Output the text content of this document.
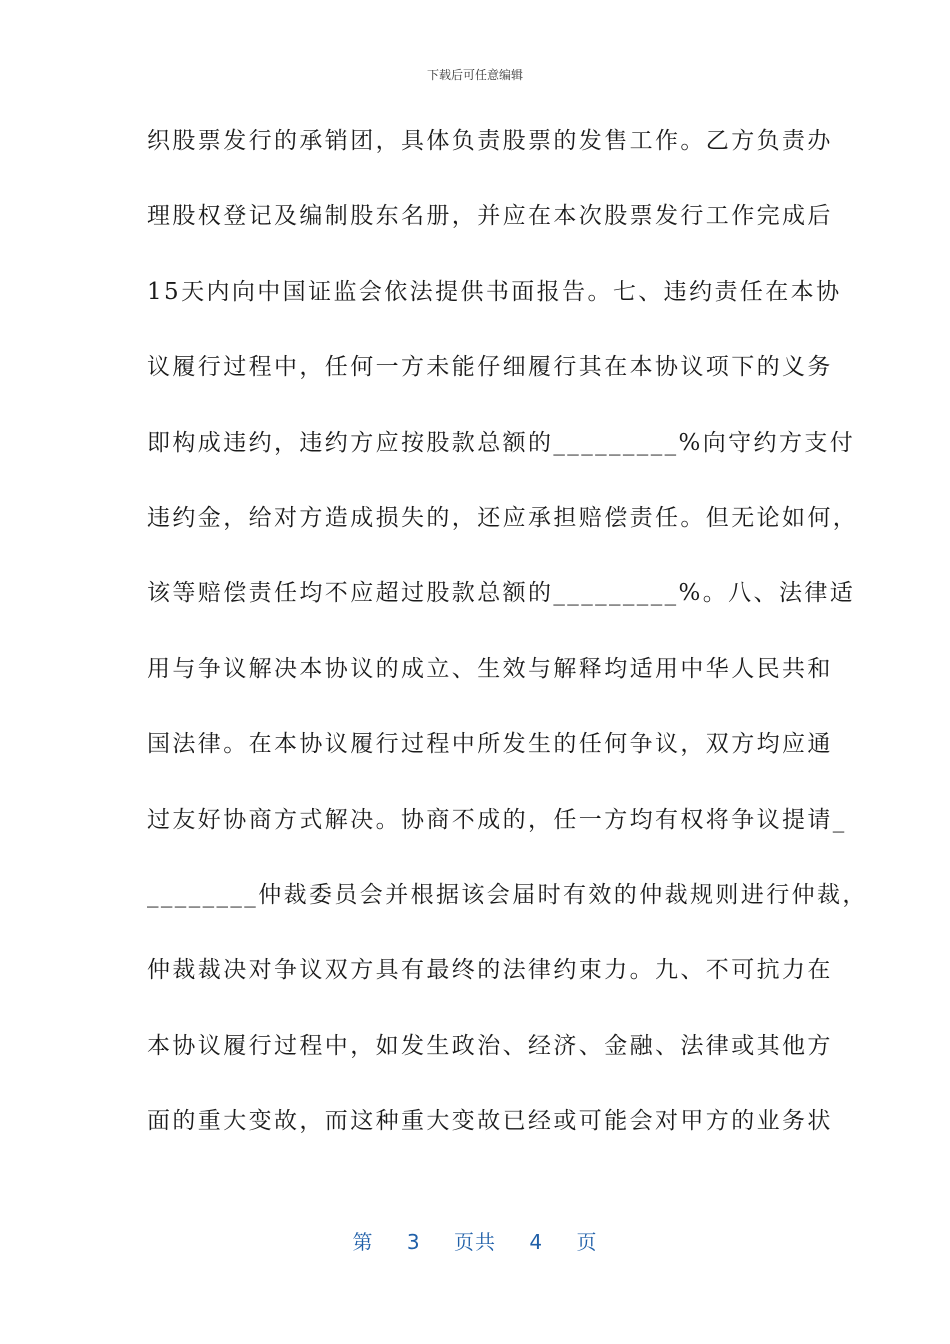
下载后可任意编辑
织股票发行的承销团，具体负责股票的发售工作。乙方负责办
理股权登记及编制股东名册，并应在本次股票发行工作完成后
15天内向中国证监会依法提供书面报告。七、违约责任在本协
议履行过程中，任何一方未能仔细履行其在本协议项下的义务
即构成违约，违约方应按股款总额的_________%向守约方支付
违约金，给对方造成损失的，还应承担赔偿责任。但无论如何，
该等赔偿责任均不应超过股款总额的_________%。八、法律适
用与争议解决本协议的成立、生效与解释均适用中华人民共和
国法律。在本协议履行过程中所发生的任何争议，双方均应通
过友好协商方式解决。协商不成的，任一方均有权将争议提请_
________仲裁委员会并根据该会届时有效的仲裁规则进行仲裁，
仲裁裁决对争议双方具有最终的法律约束力。九、不可抗力在
本协议履行过程中，如发生政治、经济、金融、法律或其他方
面的重大变故，而这种重大变故已经或可能会对甲方的业务状
第 3 页共 4 页
